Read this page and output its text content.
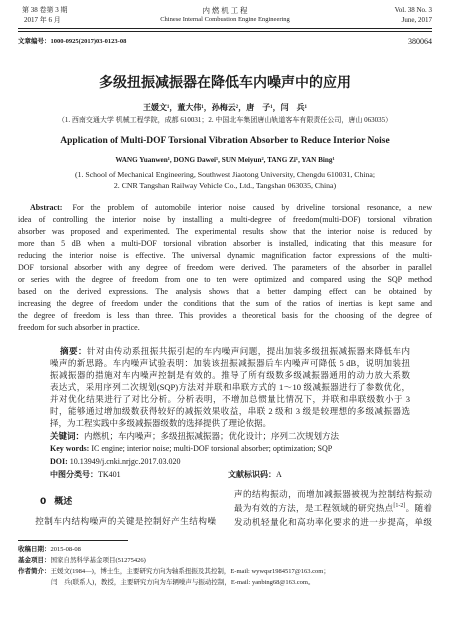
第 38 卷第 3 期
2017 年 6 月
内 燃 机 工 程
Chinese Internal Combustion Engine Engineering
Vol. 38 No. 3
June, 2017
文章编号：1000-0925(2017)03-0123-08	380064
多级扭振减振器在降低车内噪声中的应用
王媛文¹，董大伟¹，孙梅云²，唐　子¹，闫　兵¹
（1. 西南交通大学 机械工程学院，成都 610031；2. 中国北车集团唐山轨道客车有限责任公司，唐山 063035）
Application of Multi-DOF Torsional Vibration Absorber to Reduce Interior Noise
WANG Yuanwen¹, DONG Dawei¹, SUN Meiyun², TANG Zi¹, YAN Bing¹
(1. School of Mechanical Engineering, Southwest Jiaotong University, Chengdu 610031, China;
2. CNR Tangshan Railway Vehicle Co., Ltd., Tangshan 063035, China)
Abstract: For the problem of automobile interior noise caused by driveline torsional resonance, a new
idea of controlling the interior noise by installing a multi-degree of freedom(multi-DOF) torsional vibration
absorber was proposed and experimented. The experimental results show that the interior noise is reduced by
more than 5 dB when a multi-DOF torsional vibration absorber is installed, indicating that this measure for
reducing the interior noise is effective. The universal dynamic magnification factor expressions of the multi-
DOF torsional absorber with any degree of freedom were derived. The parameters of the absorber in parallel
or series with the degree of freedom from one to ten were optimized and compared using the SQP method
based on the derived expressions. The analysis shows that a better damping effect can be obtained by
increasing the degree of freedom under the conditions that the sum of the ratios of inertias is kept same and
the degree of freedom is less than three. This provides a theoretical basis for the choosing of the degree of
freedom for such absorber in practice.
摘要：针对由传动系扭振共振引起的车内噪声问题，提出加装多级扭振减振器来降低车内
噪声的新思路。车内噪声试验表明：加装该扭振减振器后车内噪声可降低 5 dB，说明加装扭
振减振器的措施对车内噪声控制是有效的。推导了所有级数多级减振器通用的动力放大系数
表达式，采用序列二次规划(SQP)方法对并联和串联方式的 1～10 级减振器进行了参数优化，
并对优化结果进行了对比分析。分析表明，不增加总惯量比情况下，并联和串联级数小于 3
时，能够通过增加级数获得较好的减振效果收益，串联 2 级和 3 级是较理想的多级减振器选
择，为工程实践中多级减振器级数的选择提供了理论依据。
关键词：内燃机；车内噪声；多级扭振减振器；优化设计；序列二次规划方法
Key words: IC engine; interior noise; multi-DOF torsional absorber; optimization; SQP
DOI: 10.13949/j.cnki.nrjgc.2017.03.020
中图分类号：TK401	文献标识码：A
0 概述
控制车内结构噪声的关键是控制好产生结构噪
声的结构振动，而增加减振器被视为控制结构振动
最为有效的方法，是工程领域的研究热点[1-2]。随着
发动机轻量化和高功率化要求的进一步提高，单级
收稿日期：2015-08-08
基金项目：国家自然科学基金项目(51275426)
作者简介：王媛文(1984—)，博士生，主要研究方向为轴系扭振及其控制，E-mail: wywqsr1984517@163.com；
闫　兵(联系人)，教授，主要研究方向为车辆噪声与振动控制，E-mail: yanbing68@163.com。
